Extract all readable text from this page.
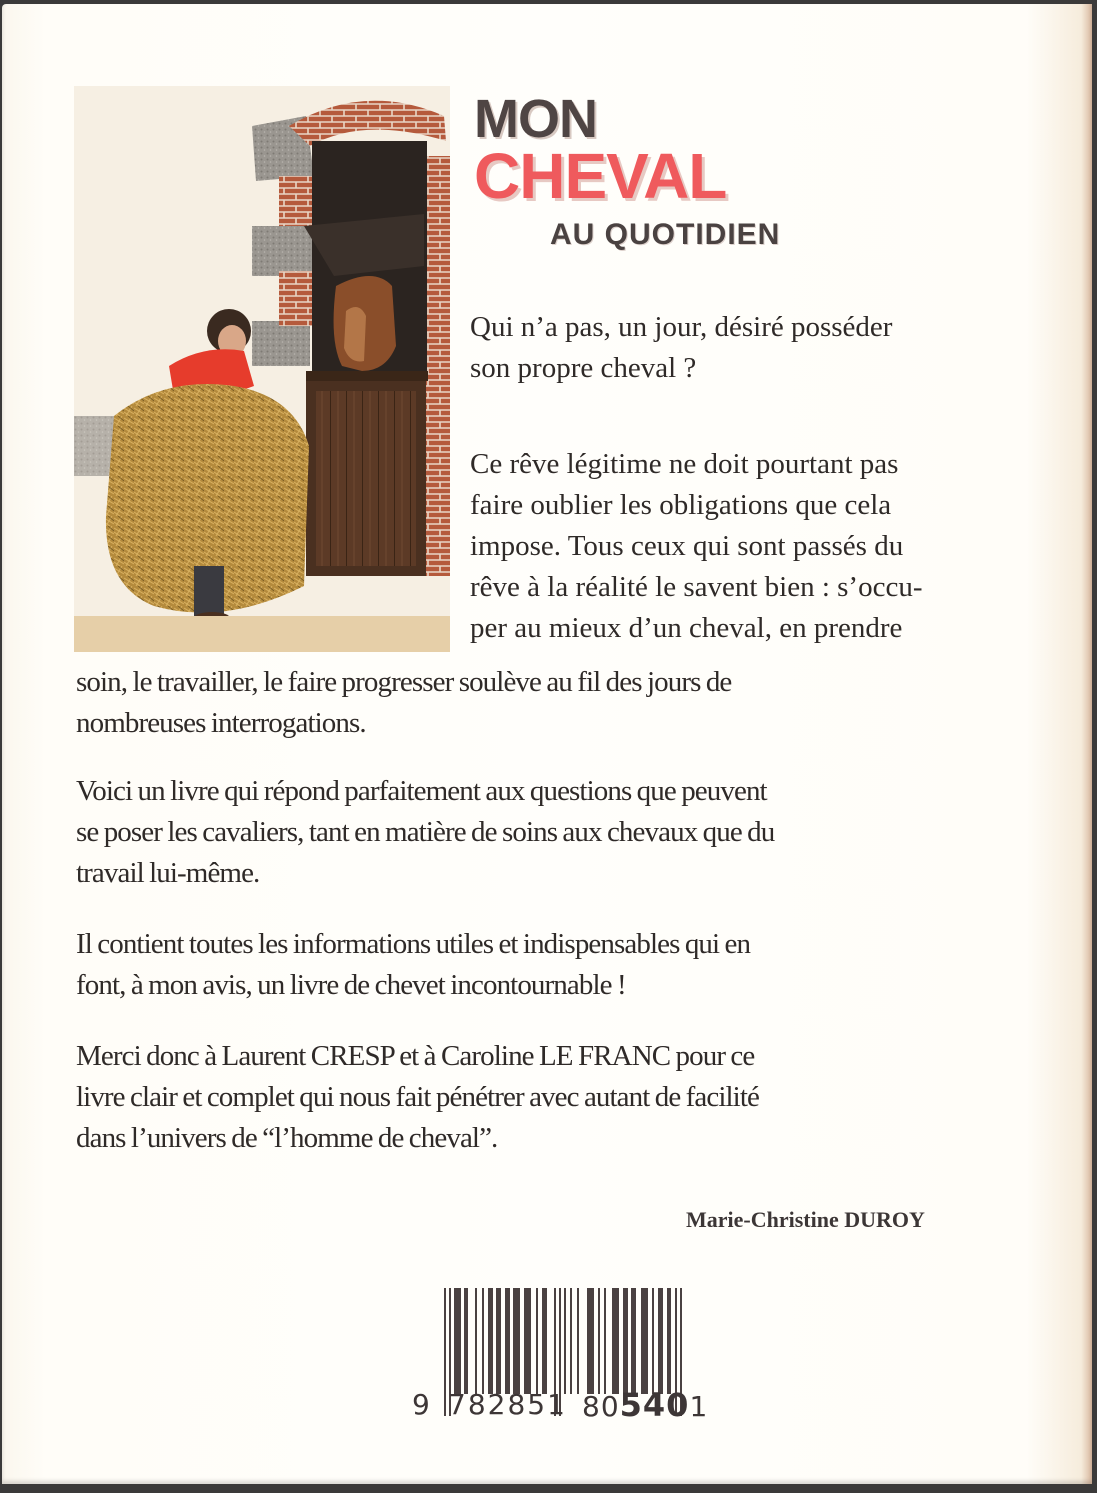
MON
CHEVAL
AU QUOTIDIEN

Qui n’a pas, un jour, désiré posséder
son propre cheval ?

Ce rêve légitime ne doit pourtant pas
faire oublier les obligations que cela
impose. Tous ceux qui sont passés du
rêve à la réalité le savent bien : s’occu-
per au mieux d’un cheval, en prendre

soin, le travailler, le faire progresser soulève au fil des jours de
nombreuses interrogations.

Voici un livre qui répond parfaitement aux questions que peuvent
se poser les cavaliers, tant en matière de soins aux chevaux que du
travail lui-même.

Il contient toutes les informations utiles et indispensables qui en
font, à mon avis, un livre de chevet incontournable !

Merci donc à Laurent CRESP et à Caroline LE FRANC pour ce
livre clair et complet qui nous fait pénétrer avec autant de facilité
dans l’univers de “l’homme de cheval”.

Marie-Christine DUROY
9 782851 805401
